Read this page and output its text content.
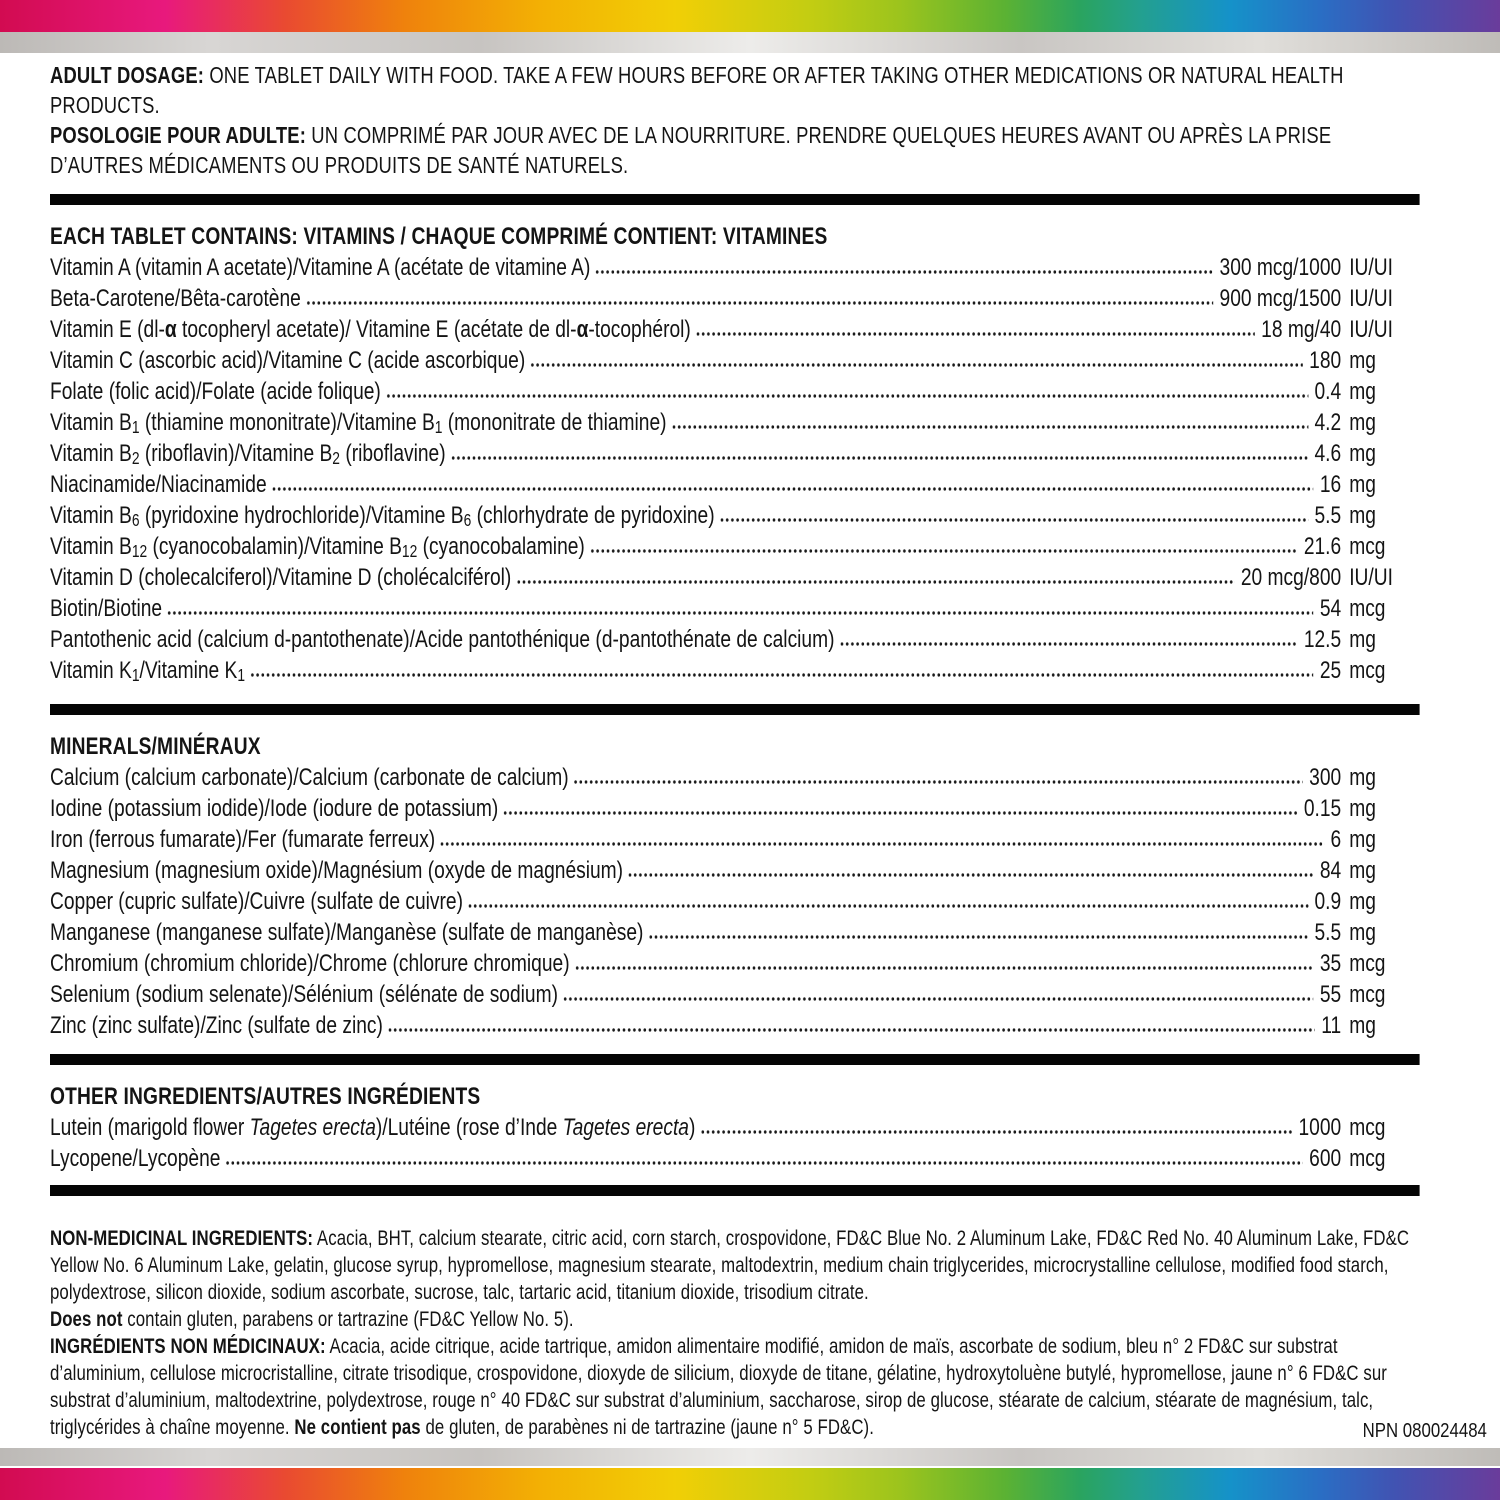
ADULT DOSAGE: ONE TABLET DAILY WITH FOOD. TAKE A FEW HOURS BEFORE OR AFTER TAKING OTHER MEDICATIONS OR NATURAL HEALTH PRODUCTS.

POSOLOGIE POUR ADULTE: UN COMPRIMÉ PAR JOUR AVEC DE LA NOURRITURE. PRENDRE QUELQUES HEURES AVANT OU APRÈS LA PRISE D’AUTRES MÉDICAMENTS OU PRODUITS DE SANTÉ NATURELS.

EACH TABLET CONTAINS: VITAMINS / CHAQUE COMPRIMÉ CONTIENT: VITAMINES
Vitamin A (vitamin A acetate)/Vitamine A (acétate de vitamine A)	300 mcg/1000 IU/UI
Beta-Carotene/Bêta-carotène	900 mcg/1500 IU/UI
Vitamin E (dl-α tocopheryl acetate)/ Vitamine E (acétate de dl-α-tocophérol)	18 mg/40 IU/UI
Vitamin C (ascorbic acid)/Vitamine C (acide ascorbique)	180 mg
Folate (folic acid)/Folate (acide folique)	0.4 mg
Vitamin $B_1$ (thiamine mononitrate)/Vitamine $B_1$ (mononitrate de thiamine)	4.2 mg
Vitamin $B_2$ (riboflavin)/Vitamine $B_2$ (riboflavine)	4.6 mg
Niacinamide/Niacinamide	16 mg
Vitamin $B_6$ (pyridoxine hydrochloride)/Vitamine $B_6$ (chlorhydrate de pyridoxine)	5.5 mg
Vitamin $B_{12}$ (cyanocobalamin)/Vitamine $B_{12}$ (cyanocobalamine)	21.6 mcg
Vitamin D (cholecalciferol)/Vitamine D (cholécalciférol)	20 mcg/800 IU/UI
Biotin/Biotine	54 mcg
Pantothenic acid (calcium d-pantothenate)/Acide pantothénique (d-pantothénate de calcium)	12.5 mg
Vitamin $K_1$/Vitamine $K_1$	25 mcg
MINERALS/MINÉRAUX
Calcium (calcium carbonate)/Calcium (carbonate de calcium)	300 mg
Iodine (potassium iodide)/Iode (iodure de potassium)	0.15 mg
Iron (ferrous fumarate)/Fer (fumarate ferreux)	6 mg
Magnesium (magnesium oxide)/Magnésium (oxyde de magnésium)	84 mg
Copper (cupric sulfate)/Cuivre (sulfate de cuivre)	0.9 mg
Manganese (manganese sulfate)/Manganèse (sulfate de manganèse)	5.5 mg
Chromium (chromium chloride)/Chrome (chlorure chromique)	35 mcg
Selenium (sodium selenate)/Sélénium (sélénate de sodium)	55 mcg
Zinc (zinc sulfate)/Zinc (sulfate de zinc)	11 mg
OTHER INGREDIENTS/AUTRES INGRÉDIENTS
Lutein (marigold flower Tagetes erecta)/Lutéine (rose d’Inde Tagetes erecta)	1000 mcg
Lycopene/Lycopène	600 mcg

NON-MEDICINAL INGREDIENTS: Acacia, BHT, calcium stearate, citric acid, corn starch, crospovidone, FD&C Blue No. 2 Aluminum Lake, FD&C Red No. 40 Aluminum Lake, FD&C Yellow No. 6 Aluminum Lake, gelatin, glucose syrup, hypromellose, magnesium stearate, maltodextrin, medium chain triglycerides, microcrystalline cellulose, modified food starch, polydextrose, silicon dioxide, sodium ascorbate, sucrose, talc, tartaric acid, titanium dioxide, trisodium citrate.

Does not contain gluten, parabens or tartrazine (FD&C Yellow No. 5).

INGRÉDIENTS NON MÉDICINAUX: Acacia, acide citrique, acide tartrique, amidon alimentaire modifié, amidon de maïs, ascorbate de sodium, bleu n° 2 FD&C sur substrat d’aluminium, cellulose microcristalline, citrate trisodique, crospovidone, dioxyde de silicium, dioxyde de titane, gélatine, hydroxytoluène butylé, hypromellose, jaune n° 6 FD&C sur substrat d’aluminium, maltodextrine, polydextrose, rouge n° 40 FD&C sur substrat d’aluminium, saccharose, sirop de glucose, stéarate de calcium, stéarate de magnésium, talc, triglycérides à chaîne moyenne. Ne contient pas de gluten, de parabènes ni de tartrazine (jaune n° 5 FD&C).	NPN 080024484
